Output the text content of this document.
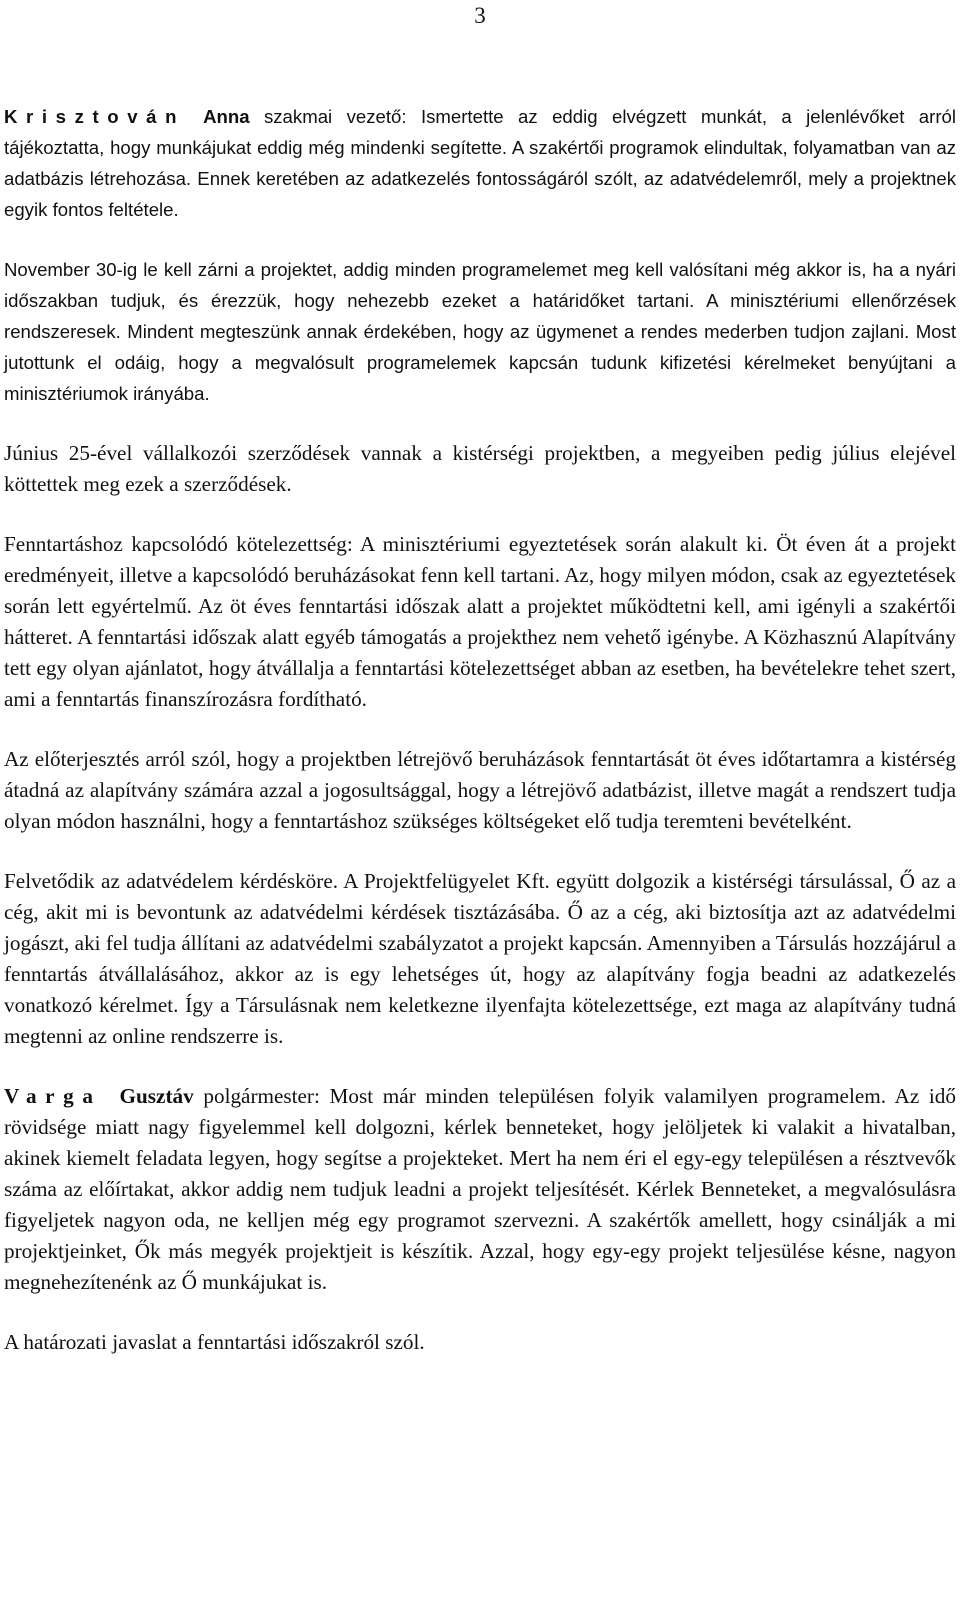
3

Krisztován Anna szakmai vezető: Ismertette az eddig elvégzett munkát, a jelenlévőket arról tájékoztatta, hogy munkájukat eddig még mindenki segítette. A szakértői programok elindultak, folyamatban van az adatbázis létrehozása. Ennek keretében az adatkezelés fontosságáról szólt, az adatvédelemről, mely a projektnek egyik fontos feltétele.

November 30-ig le kell zárni a projektet, addig minden programelemet meg kell valósítani még akkor is, ha a nyári időszakban tudjuk, és érezzük, hogy nehezebb ezeket a határidőket tartani. A minisztériumi ellenőrzések rendszeresek. Mindent megteszünk annak érdekében, hogy az ügymenet a rendes mederben tudjon zajlani. Most jutottunk el odáig, hogy a megvalósult programelemek kapcsán tudunk kifizetési kérelmeket benyújtani a minisztériumok irányába.

Június 25-ével vállalkozói szerződések vannak a kistérségi projektben, a megyeiben pedig július elejével köttettek meg ezek a szerződések.

Fenntartáshoz kapcsolódó kötelezettség: A minisztériumi egyeztetések során alakult ki. Öt éven át a projekt eredményeit, illetve a kapcsolódó beruházásokat fenn kell tartani. Az, hogy milyen módon, csak az egyeztetések során lett egyértelmű. Az öt éves fenntartási időszak alatt a projektet működtetni kell, ami igényli a szakértői hátteret. A fenntartási időszak alatt egyéb támogatás a projekthez nem vehető igénybe. A Közhasznú Alapítvány tett egy olyan ajánlatot, hogy átvállalja a fenntartási kötelezettséget abban az esetben, ha bevételekre tehet szert, ami a fenntartás finanszírozásra fordítható.

Az előterjesztés arról szól, hogy a projektben létrejövő beruházások fenntartását öt éves időtartamra a kistérség átadná az alapítvány számára azzal a jogosultsággal, hogy a létrejövő adatbázist, illetve magát a rendszert tudja olyan módon használni, hogy a fenntartáshoz szükséges költségeket elő tudja teremteni bevételként.

Felvetődik az adatvédelem kérdésköre. A Projektfelügyelet Kft. együtt dolgozik a kistérségi társulással, Ő az a cég, akit mi is bevontunk az adatvédelmi kérdések tisztázásába. Ő az a cég, aki biztosítja azt az adatvédelmi jogászt, aki fel tudja állítani az adatvédelmi szabályzatot a projekt kapcsán. Amennyiben a Társulás hozzájárul a fenntartás átvállalásához, akkor az is egy lehetséges út, hogy az alapítvány fogja beadni az adatkezelés vonatkozó kérelmet. Így a Társulásnak nem keletkezne ilyenfajta kötelezettsége, ezt maga az alapítvány tudná megtenni az online rendszerre is.

Varga Gusztáv polgármester: Most már minden településen folyik valamilyen programelem. Az idő rövidsége miatt nagy figyelemmel kell dolgozni, kérlek benneteket, hogy jelöljetek ki valakit a hivatalban, akinek kiemelt feladata legyen, hogy segítse a projekteket. Mert ha nem éri el egy-egy településen a résztvevők száma az előírtakat, akkor addig nem tudjuk leadni a projekt teljesítését. Kérlek Benneteket, a megvalósulásra figyeljetek nagyon oda, ne kelljen még egy programot szervezni. A szakértők amellett, hogy csinálják a mi projektjeinket, Ők más megyék projektjeit is készítik. Azzal, hogy egy-egy projekt teljesülése késne, nagyon megnehezítenénk az Ő munkájukat is.

A határozati javaslat a fenntartási időszakról szól.
